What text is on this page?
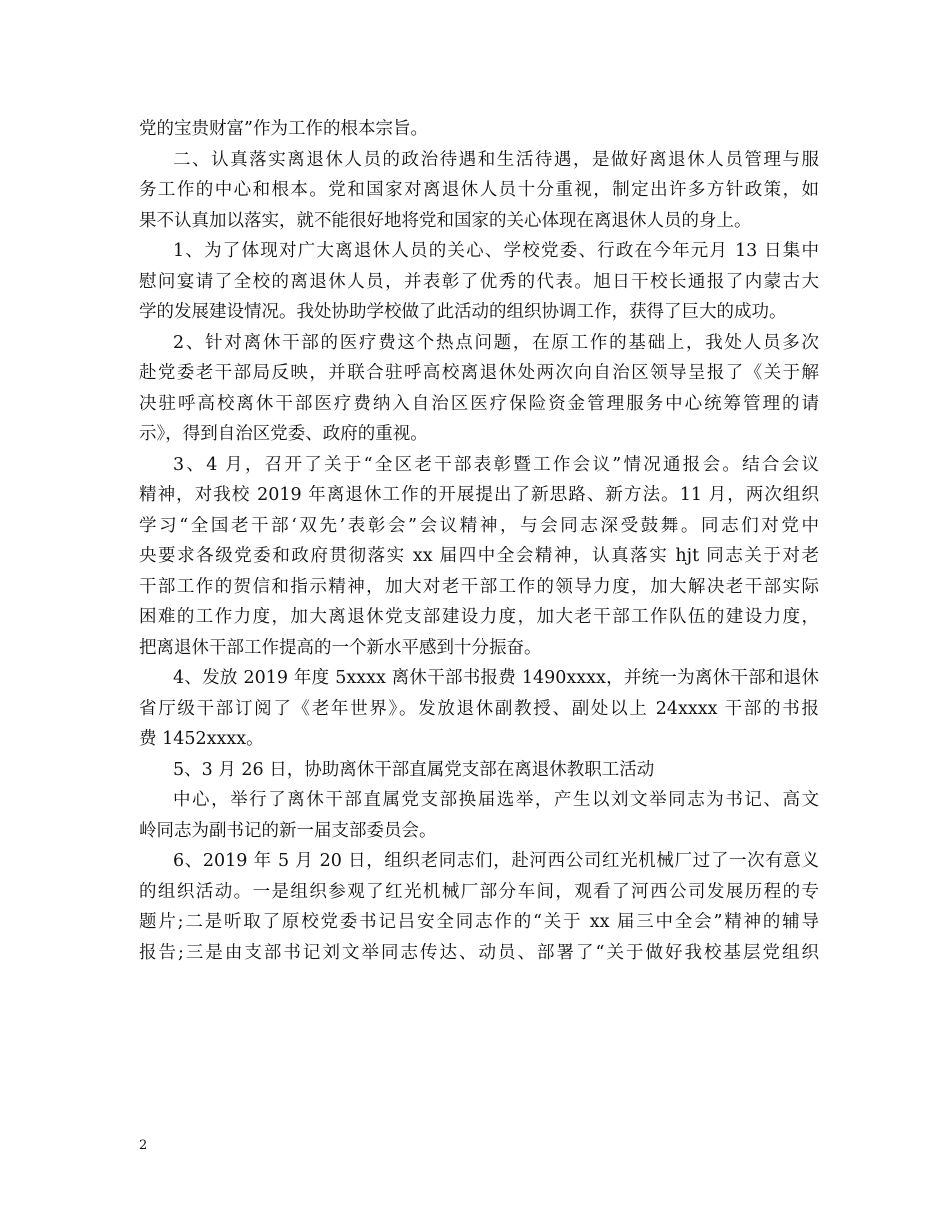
党的宝贵财富”作为工作的根本宗旨。
二、认真落实离退休人员的政治待遇和生活待遇，是做好离退休人员管理与服
务工作的中心和根本。党和国家对离退休人员十分重视，制定出许多方针政策，如
果不认真加以落实，就不能很好地将党和国家的关心体现在离退休人员的身上。
1、为了体现对广大离退休人员的关心、学校党委、行政在今年元月 13 日集中
慰问宴请了全校的离退休人员，并表彰了优秀的代表。旭日干校长通报了内蒙古大
学的发展建设情况。我处协助学校做了此活动的组织协调工作，获得了巨大的成功。
2、针对离休干部的医疗费这个热点问题，在原工作的基础上，我处人员多次
赴党委老干部局反映，并联合驻呼高校离退休处两次向自治区领导呈报了《关于解
决驻呼高校离休干部医疗费纳入自治区医疗保险资金管理服务中心统筹管理的请
示》，得到自治区党委、政府的重视。
3、4 月，召开了关于“全区老干部表彰暨工作会议”情况通报会。结合会议
精神，对我校 2019 年离退休工作的开展提出了新思路、新方法。11 月，两次组织
学习“全国老干部‘双先’表彰会”会议精神，与会同志深受鼓舞。同志们对党中
央要求各级党委和政府贯彻落实 xx 届四中全会精神，认真落实 hjt 同志关于对老
干部工作的贺信和指示精神，加大对老干部工作的领导力度，加大解决老干部实际
困难的工作力度，加大离退休党支部建设力度，加大老干部工作队伍的建设力度，
把离退休干部工作提高的一个新水平感到十分振奋。
4、发放 2019 年度 5xxxx 离休干部书报费 1490xxxx，并统一为离休干部和退休
省厅级干部订阅了《老年世界》。发放退休副教授、副处以上 24xxxx 干部的书报
费 1452xxxx。
5、3 月 26 日，协助离休干部直属党支部在离退休教职工活动
中心，举行了离休干部直属党支部换届选举，产生以刘文举同志为书记、高文
岭同志为副书记的新一届支部委员会。
6、2019 年 5 月 20 日，组织老同志们，赴河西公司红光机械厂过了一次有意义
的组织活动。一是组织参观了红光机械厂部分车间，观看了河西公司发展历程的专
题片;二是听取了原校党委书记吕安全同志作的“关于 xx 届三中全会”精神的辅导
报告;三是由支部书记刘文举同志传达、动员、部署了“关于做好我校基层党组织
2
